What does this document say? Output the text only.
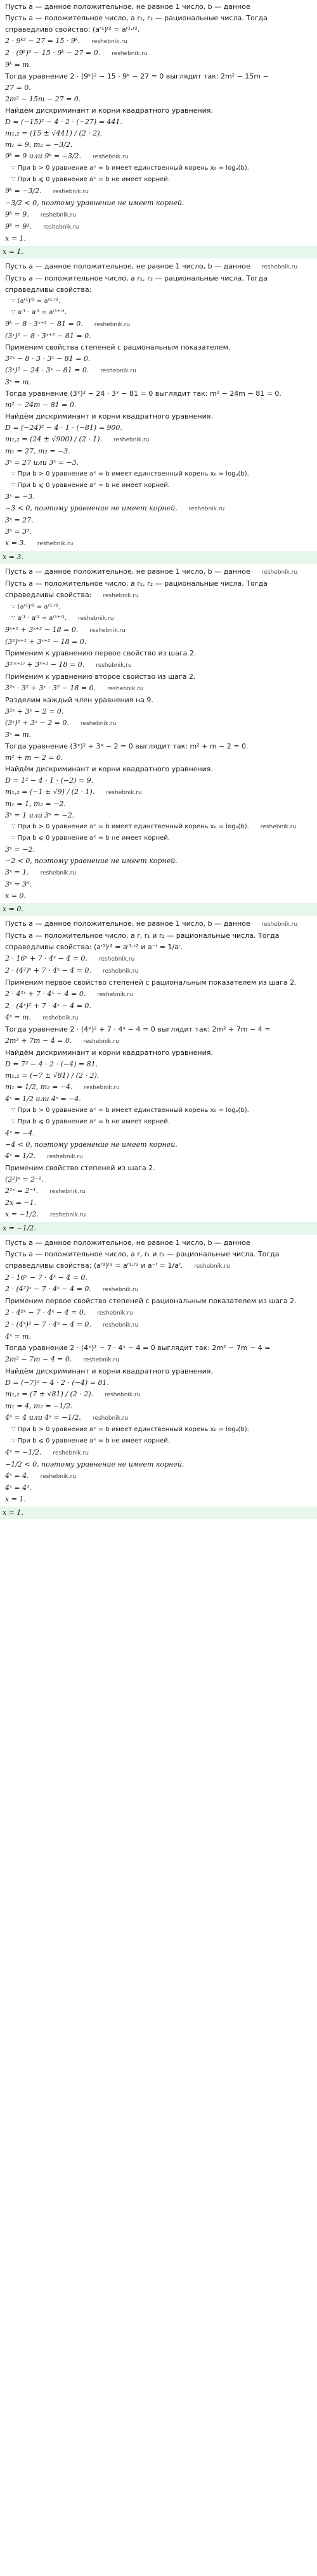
Пусть a — данное положительное, не равное 1 число, b — данное
Пусть a — положительное число, а r₁, r₂ — рациональные числа. Тогда
справедливо свойство: (aʳ¹)ʳ² = aʳ¹·ʳ².
2 · 9ᵏ² − 27 = 15 · 9ᵏ. reshebnik.ru
2 · (9ᵏ)² − 15 · 9ᵏ − 27 = 0. reshebnik.ru
9ᵏ = m.
Тогда уравнение 2 · (9ᵏ)² − 15 · 9ᵏ − 27 = 0 выглядит так: 2m² − 15m −
27 = 0.
2m² − 15m − 27 = 0.
Найдём дискриминант и корни квадратного уравнения.
D = (−15)² − 4 · 2 · (−27) = 441.
m₁,₂ = (15 ± √441) / (2 · 2).
m₁ = 9, m₂ = −3/2.
9ᵏ = 9 или 9ᵏ = −3/2. reshebnik.ru
∵ При b > 0 уравнение aˣ = b имеет единственный корень x₀ = logₐ(b).
∵ При b ⩽ 0 уравнение aˣ = b не имеет корней.
9ᵏ = −3/2. reshebnik.ru
−3/2 < 0, поэтому уравнение не имеет корней.
9ᵏ = 9. reshebnik.ru
9ᵏ = 9¹. reshebnik.ru
x = 1.
x = 1.
Пусть a — данное положительное, не равное 1 число, b — данное reshebnik.ru
Пусть a — положительное число, а r₁, r₂ — рациональные числа. Тогда
справедливы свойства:
∵ (aʳ¹)ʳ² = aʳ¹·ʳ².
∵ aʳ¹ · aʳ² = aʳ¹⁺ʳ².
9ᵏ − 8 · 3ˣ⁺² − 81 = 0. reshebnik.ru
(3ˣ)² − 8 · 3ˣ⁺² − 81 = 0.
Применим свойства степеней с рациональным показателем.
3²ˣ − 8 · 3 · 3ˣ − 81 = 0.
(3ˣ)² − 24 · 3ˣ − 81 = 0. reshebnik.ru
3ˣ = m.
Тогда уравнение (3ˣ)² − 24 · 3ˣ − 81 = 0 выглядит так: m² − 24m − 81 = 0.
m² − 24m − 81 = 0.
Найдём дискриминант и корни квадратного уравнения.
D = (−24)² − 4 · 1 · (−81) = 900.
m₁,₂ = (24 ± √900) / (2 · 1). reshebnik.ru
m₁ = 27, m₂ = −3.
3ˣ = 27 или 3ˣ = −3.
∵ При b > 0 уравнение aˣ = b имеет единственный корень x₀ = logₐ(b).
∵ При b ⩽ 0 уравнение aˣ = b не имеет корней.
3ˣ = −3.
−3 < 0, поэтому уравнение не имеет корней. reshebnik.ru
3ˣ = 27.
3ˣ = 3³.
x = 3. reshebnik.ru
x = 3.
Пусть a — данное положительное, не равное 1 число, b — данное reshebnik.ru
Пусть a — положительное число, а r₁, r₂ — рациональные числа. Тогда
справедливы свойства: reshebnik.ru
∵ (aʳ¹)ʳ² = aʳ¹·ʳ².
∵ aʳ¹ · aʳ² = aʳ¹⁺ʳ². reshebnik.ru
9ˣ⁺¹ + 3ˣ⁺² − 18 = 0. reshebnik.ru
(3²)ˣ⁺¹ + 3ˣ⁺² − 18 = 0.
Применим к уравнению первое свойство из шага 2.
3²⁽ˣ⁺¹⁾ + 3ˣ⁺² − 18 = 0. reshebnik.ru
Применим к уравнению второе свойство из шага 2.
3²ˣ · 3² + 3ˣ · 3² − 18 = 0. reshebnik.ru
Разделим каждый член уравнения на 9.
3²ˣ + 3ˣ − 2 = 0.
(3ˣ)² + 3ˣ − 2 = 0. reshebnik.ru
3ˣ = m.
Тогда уравнение (3ˣ)² + 3ˣ − 2 = 0 выглядит так: m² + m − 2 = 0.
m² + m − 2 = 0.
Найдём дискриминант и корни квадратного уравнения.
D = 1² − 4 · 1 · (−2) = 9.
m₁,₂ = (−1 ± √9) / (2 · 1). reshebnik.ru
m₁ = 1, m₂ = −2.
3ˣ = 1 или 3ˣ = −2.
∵ При b > 0 уравнение aˣ = b имеет единственный корень x₀ = logₐ(b). reshebnik.ru
∵ При b ⩽ 0 уравнение aˣ = b не имеет корней.
3ˣ = −2.
−2 < 0, поэтому уравнение не имеет корней.
3ˣ = 1. reshebnik.ru
3ˣ = 3⁰.
x = 0.
x = 0.
Пусть a — данное положительное, не равное 1 число, b — данное reshebnik.ru
Пусть a — положительное число, а r, r₁ и r₂ — рациональные числа. Тогда
справедливы свойства: (aʳ¹)ʳ² = aʳ¹·ʳ² и a⁻ʳ = 1/aʳ.
2 · 16ˣ + 7 · 4ˣ − 4 = 0. reshebnik.ru
2 · (4²)ˣ + 7 · 4ˣ − 4 = 0. reshebnik.ru
Применим первое свойство степеней с рациональным показателем из шага 2.
2 · 4²ˣ + 7 · 4ˣ − 4 = 0. reshebnik.ru
2 · (4ˣ)² + 7 · 4ˣ − 4 = 0.
4ˣ = m. reshebnik.ru
Тогда уравнение 2 · (4ˣ)² + 7 · 4ˣ − 4 = 0 выглядит так: 2m² + 7m − 4 =
2m² + 7m − 4 = 0. reshebnik.ru
Найдём дискриминант и корни квадратного уравнения.
D = 7² − 4 · 2 · (−4) = 81.
m₁,₂ = (−7 ± √81) / (2 · 2).
m₁ = 1/2, m₂ = −4. reshebnik.ru
4ˣ = 1/2 или 4ˣ = −4.
∵ При b > 0 уравнение aˣ = b имеет единственный корень x₀ = logₐ(b).
∵ При b ⩽ 0 уравнение aˣ = b не имеет корней.
4ˣ = −4.
−4 < 0, поэтому уравнение не имеет корней.
4ˣ = 1/2. reshebnik.ru
Применим свойство степеней из шага 2.
(2²)ˣ = 2⁻¹.
2²ˣ = 2⁻¹. reshebnik.ru
2x = −1.
x = −1/2. reshebnik.ru
x = −1/2.
Пусть a — данное положительное, не равное 1 число, b — данное
Пусть a — положительное число, а r, r₁ и r₂ — рациональные числа. Тогда
справедливы свойства: (aʳ¹)ʳ² = aʳ¹·ʳ² и a⁻ʳ = 1/aʳ. reshebnik.ru
2 · 16ˣ − 7 · 4ˣ − 4 = 0.
2 · (4²)ˣ − 7 · 4ˣ − 4 = 0. reshebnik.ru
Применим первое свойство степеней с рациональным показателем из шага 2.
2 · 4²ˣ − 7 · 4ˣ − 4 = 0. reshebnik.ru
2 · (4ˣ)² − 7 · 4ˣ − 4 = 0. reshebnik.ru
4ˣ = m.
Тогда уравнение 2 · (4ˣ)² − 7 · 4ˣ − 4 = 0 выглядит так: 2m² − 7m − 4 =
2m² − 7m − 4 = 0. reshebnik.ru
Найдём дискриминант и корни квадратного уравнения.
D = (−7)² − 4 · 2 · (−4) = 81.
m₁,₂ = (7 ± √81) / (2 · 2). reshebnik.ru
m₁ = 4, m₂ = −1/2.
4ˣ = 4 или 4ˣ = −1/2. reshebnik.ru
∵ При b > 0 уравнение aˣ = b имеет единственный корень x₀ = logₐ(b).
∵ При b ⩽ 0 уравнение aˣ = b не имеет корней.
4ˣ = −1/2. reshebnik.ru
−1/2 < 0, поэтому уравнение не имеет корней.
4ˣ = 4. reshebnik.ru
4ˣ = 4¹.
x = 1.
x = 1.
